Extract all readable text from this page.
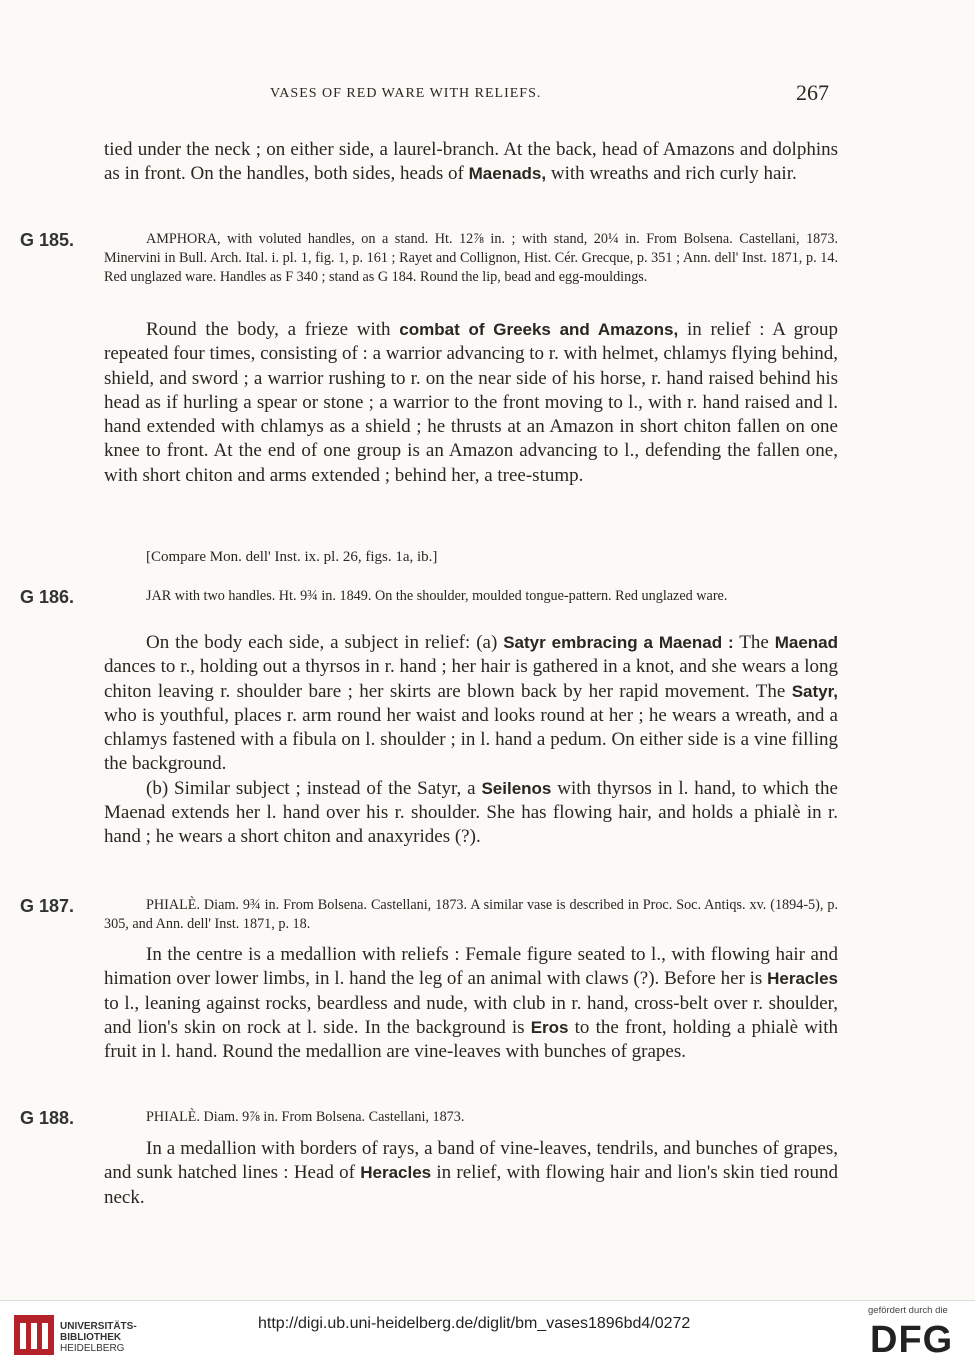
VASES OF RED WARE WITH RELIEFS.	267

tied under the neck ; on either side, a laurel-branch. At the back, head of Amazons and dolphins as in front. On the handles, both sides, heads of Maenads, with wreaths and rich curly hair.

G 185.	AMPHORA, with voluted handles, on a stand. Ht. 12⅞ in. ; with stand, 20¼ in. From Bolsena. Castellani, 1873. Minervini in Bull. Arch. Ital. i. pl. 1, fig. 1, p. 161 ; Rayet and Collignon, Hist. Cér. Grecque, p. 351 ; Ann. dell' Inst. 1871, p. 14. Red unglazed ware. Handles as F 340 ; stand as G 184. Round the lip, bead and egg-mouldings.

Round the body, a frieze with combat of Greeks and Amazons, in relief : A group repeated four times, consisting of : a warrior advancing to r. with helmet, chlamys flying behind, shield, and sword ; a warrior rushing to r. on the near side of his horse, r. hand raised behind his head as if hurling a spear or stone ; a warrior to the front moving to l., with r. hand raised and l. hand extended with chlamys as a shield ; he thrusts at an Amazon in short chiton fallen on one knee to front. At the end of one group is an Amazon advancing to l., defending the fallen one, with short chiton and arms extended ; behind her, a tree-stump.

[Compare Mon. dell' Inst. ix. pl. 26, figs. 1a, ib.]
G 186.	JAR with two handles. Ht. 9¾ in. 1849. On the shoulder, moulded tongue-pattern. Red unglazed ware.

On the body each side, a subject in relief: (a) Satyr embracing a Maenad : The Maenad dances to r., holding out a thyrsos in r. hand ; her hair is gathered in a knot, and she wears a long chiton leaving r. shoulder bare ; her skirts are blown back by her rapid movement. The Satyr, who is youthful, places r. arm round her waist and looks round at her ; he wears a wreath, and a chlamys fastened with a fibula on l. shoulder ; in l. hand a pedum. On either side is a vine filling the background.

(b) Similar subject ; instead of the Satyr, a Seilenos with thyrsos in l. hand, to which the Maenad extends her l. hand over his r. shoulder. She has flowing hair, and holds a phialè in r. hand ; he wears a short chiton and anaxyrides (?).

G 187.	PHIALÈ. Diam. 9¾ in. From Bolsena. Castellani, 1873. A similar vase is described in Proc. Soc. Antiqs. xv. (1894-5), p. 305, and Ann. dell' Inst. 1871, p. 18.

In the centre is a medallion with reliefs : Female figure seated to l., with flowing hair and himation over lower limbs, in l. hand the leg of an animal with claws (?). Before her is Heracles to l., leaning against rocks, beardless and nude, with club in r. hand, cross-belt over r. shoulder, and lion's skin on rock at l. side. In the background is Eros to the front, holding a phialè with fruit in l. hand. Round the medallion are vine-leaves with bunches of grapes.

G 188.	PHIALÈ. Diam. 9⅞ in. From Bolsena. Castellani, 1873.

In a medallion with borders of rays, a band of vine-leaves, tendrils, and bunches of grapes, and sunk hatched lines : Head of Heracles in relief, with flowing hair and lion's skin tied round neck.

UNIVERSITÄTS-
BIBLIOTHEK
HEIDELBERG
http://digi.ub.uni-heidelberg.de/diglit/bm_vases1896bd4/0272
gefördert durch die
DFG
